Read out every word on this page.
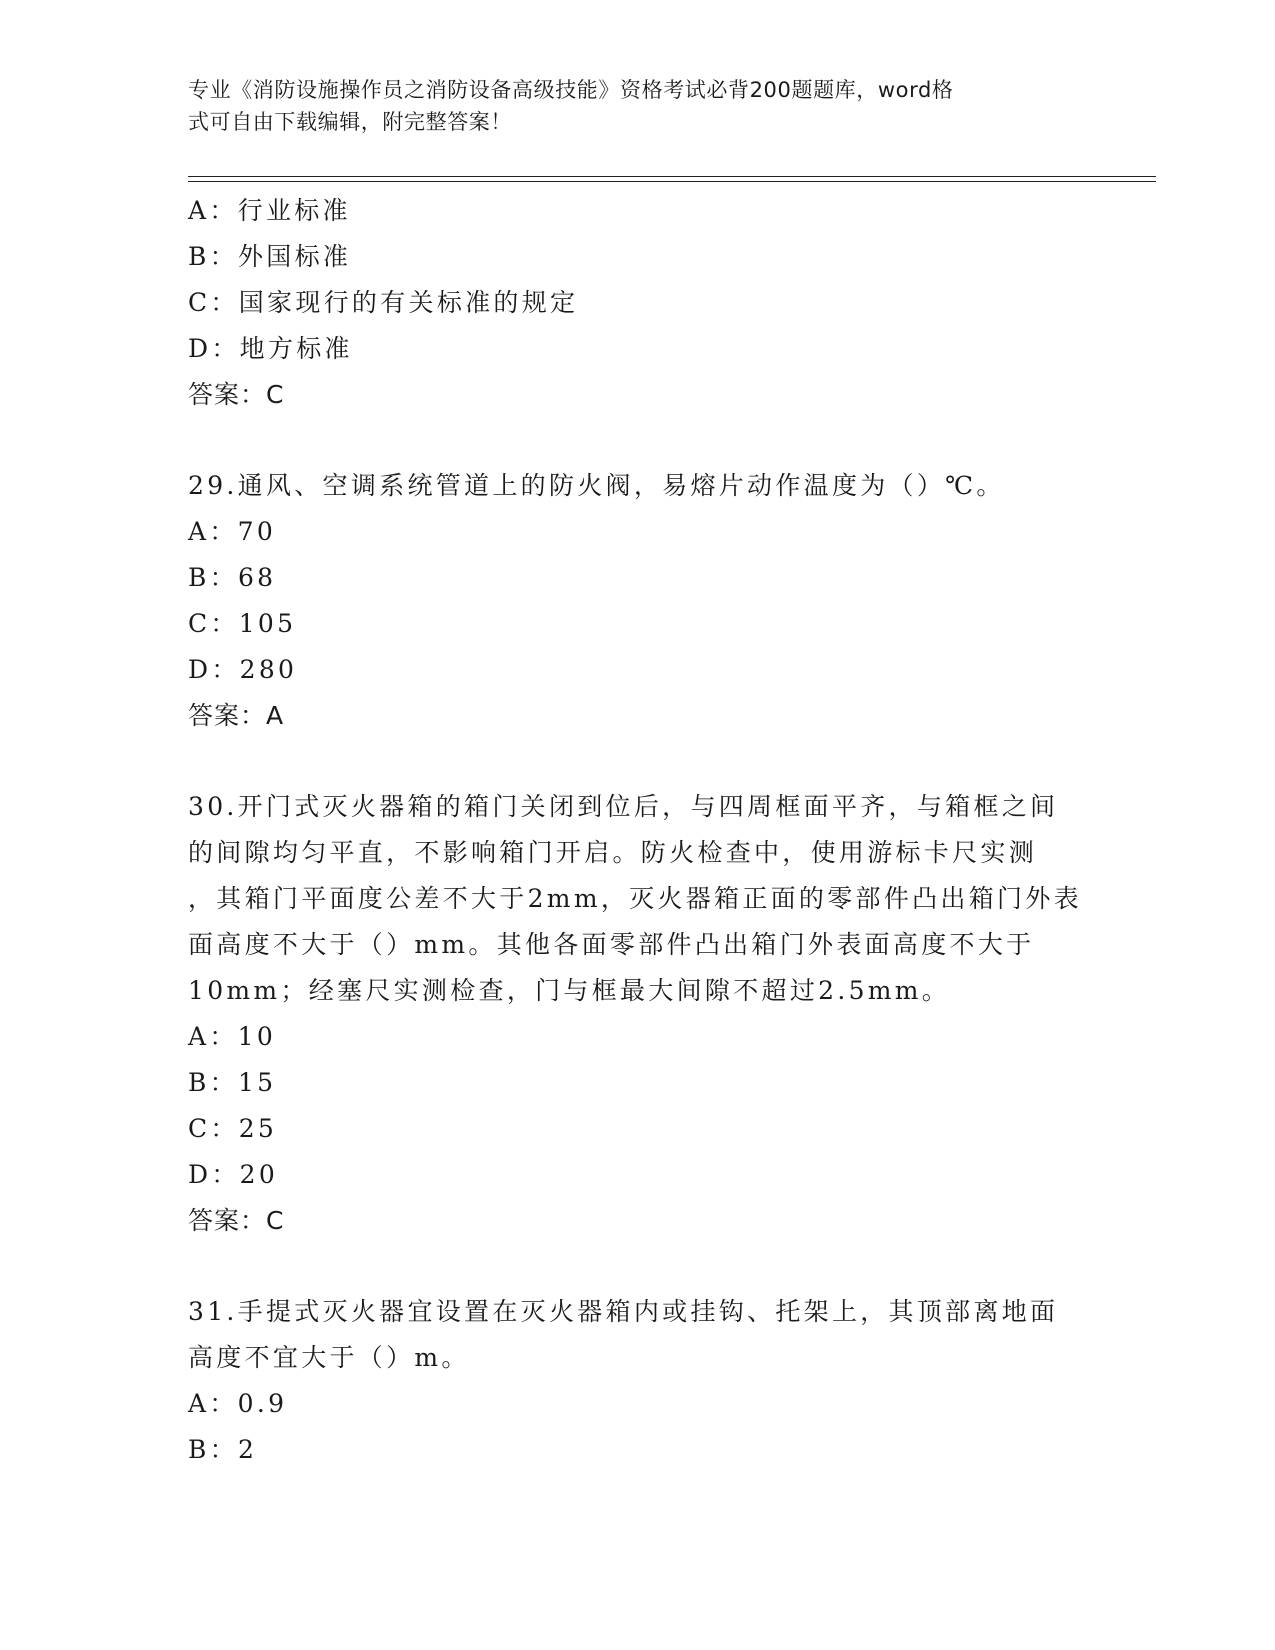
专业《消防设施操作员之消防设备高级技能》资格考试必背200题题库，word格
式可自由下载编辑，附完整答案！
A：行业标准
B：外国标准
C：国家现行的有关标准的规定
D：地方标准
答案：C
29.通风、空调系统管道上的防火阀，易熔片动作温度为（）℃。
A：70
B：68
C：105
D：280
答案：A
30.开门式灭火器箱的箱门关闭到位后，与四周框面平齐，与箱框之间
的间隙均匀平直，不影响箱门开启。防火检查中，使用游标卡尺实测
，其箱门平面度公差不大于2mm，灭火器箱正面的零部件凸出箱门外表
面高度不大于（）mm。其他各面零部件凸出箱门外表面高度不大于
10mm；经塞尺实测检查，门与框最大间隙不超过2.5mm。
A：10
B：15
C：25
D：20
答案：C
31.手提式灭火器宜设置在灭火器箱内或挂钩、托架上，其顶部离地面
高度不宜大于（）m。
A：0.9
B：2
